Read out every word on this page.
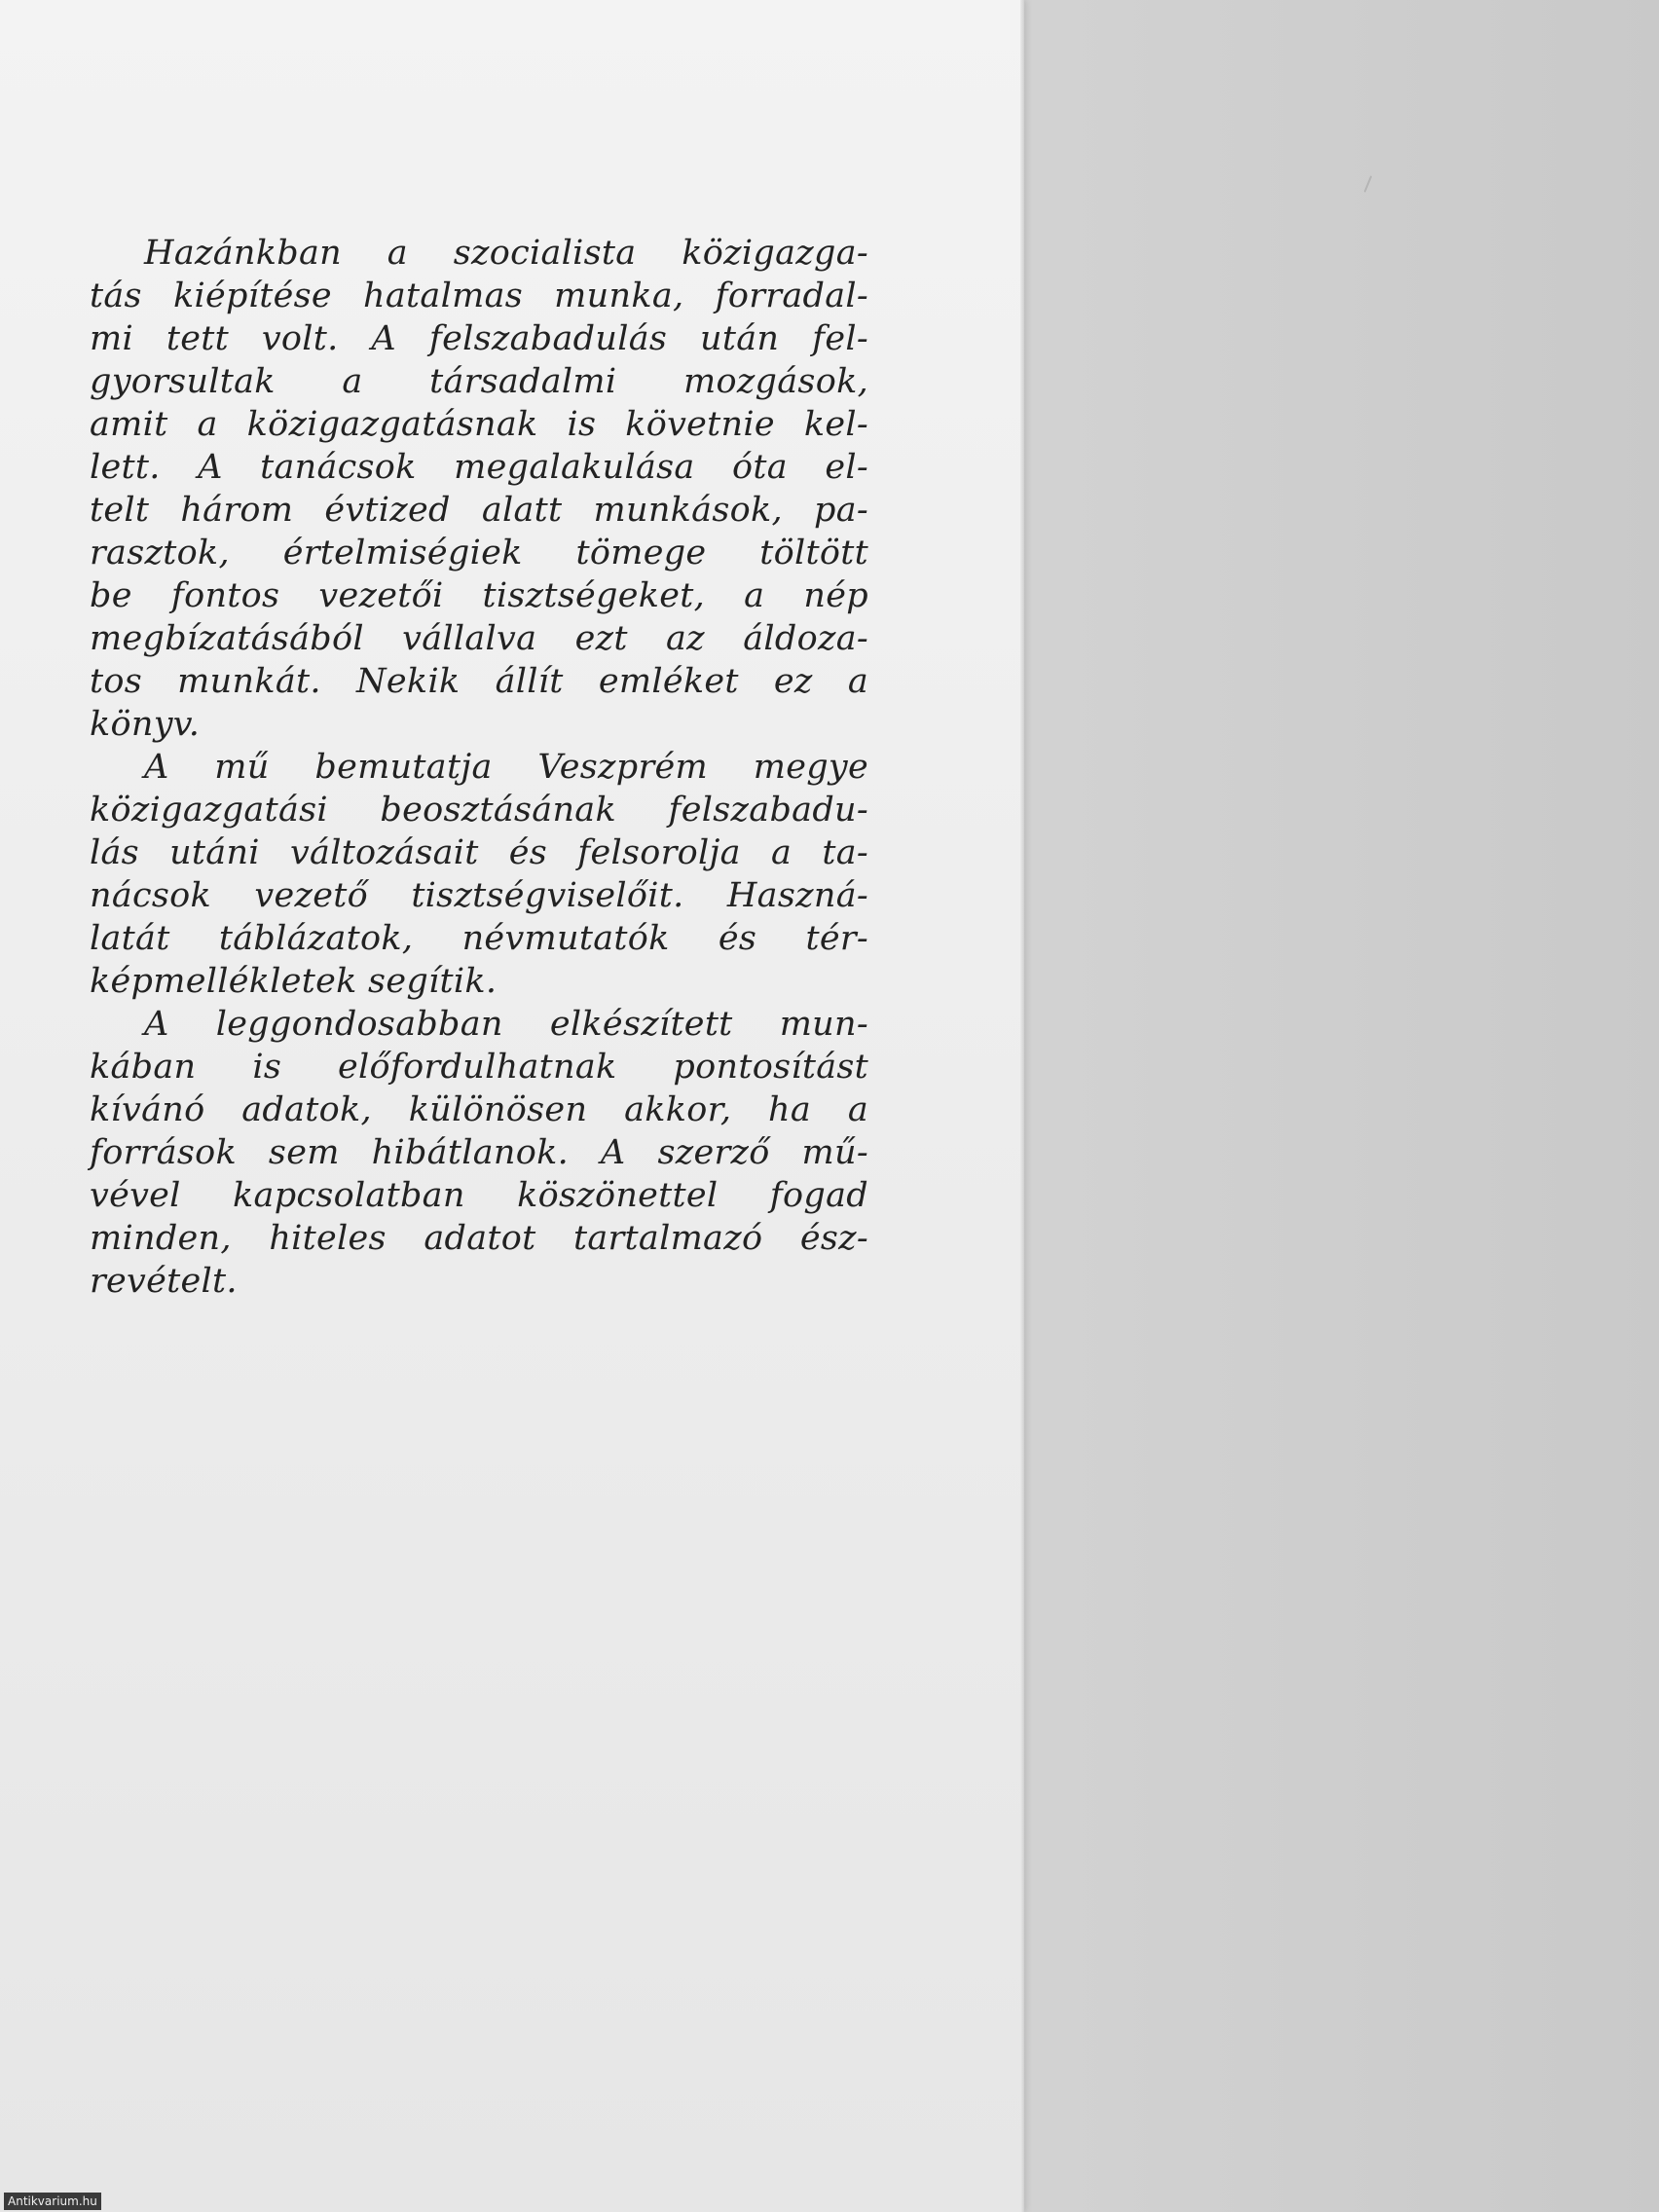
Hazánkban a szocialista közigazga-
tás kiépítése hatalmas munka, forradal-
mi tett volt. A felszabadulás után fel-
gyorsultak a társadalmi mozgások,
amit a közigazgatásnak is követnie kel-
lett. A tanácsok megalakulása óta el-
telt három évtized alatt munkások, pa-
rasztok, értelmiségiek tömege töltött
be fontos vezetői tisztségeket, a nép
megbízatásából vállalva ezt az áldoza-
tos munkát. Nekik állít emléket ez a
könyv.
A mű bemutatja Veszprém megye
közigazgatási beosztásának felszabadu-
lás utáni változásait és felsorolja a ta-
nácsok vezető tisztségviselőit. Haszná-
latát táblázatok, névmutatók és tér-
képmellékletek segítik.
A leggondosabban elkészített mun-
kában is előfordulhatnak pontosítást
kívánó adatok, különösen akkor, ha a
források sem hibátlanok. A szerző mű-
vével kapcsolatban köszönettel fogad
minden, hiteles adatot tartalmazó ész-
revételt.
Antikvarium.hu
